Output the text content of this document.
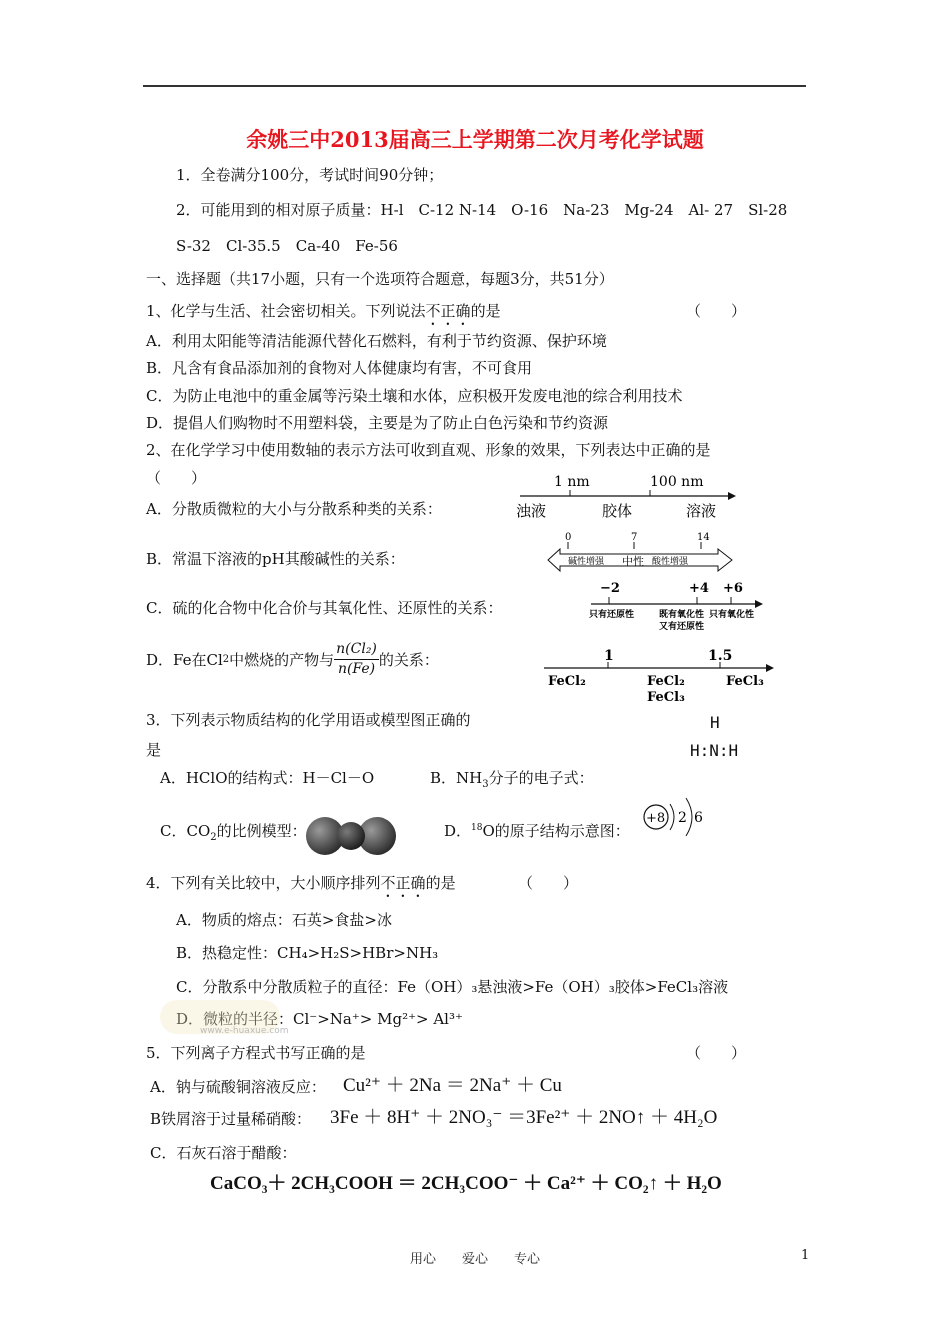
余姚三中2013届高三上学期第二次月考化学试题
1．全卷满分100分，考试时间90分钟；
2．可能用到的相对原子质量：H-l　C-12 N-14　O-16　Na-23　Mg-24　Al- 27　Sl-28
S-32　Cl-35.5　Ca-40　Fe-56
一、选择题（共17小题，只有一个选项符合题意，每题3分，共51分）
1、化学与生活、社会密切相关。下列说法不正确的是	（　　）
A．利用太阳能等清洁能源代替化石燃料，有利于节约资源、保护环境
B．凡含有食品添加剂的食物对人体健康均有害，不可食用
C．为防止电池中的重金属等污染土壤和水体，应积极开发废电池的综合利用技术
D．提倡人们购物时不用塑料袋，主要是为了防止白色污染和节约资源
2、在化学学习中使用数轴的表示方法可收到直观、形象的效果，下列表达中正确的是
（　　）
A．分散质微粒的大小与分散系种类的关系：
1 nm	100 nm
浊液	胶体	溶液
B．常温下溶液的pH其酸碱性的关系：
0	7	14
碱性增强 中性 酸性增强
C．硫的化合物中化合价与其氧化性、还原性的关系：
−2	+4 +6
只有还原性	既有氧化性
又有还原性
只有氧化性
D．Fe在Cl 2 中燃烧的产物与 $\frac{\text{n(Cl₂)}}{n(Fe)}$ 的关系：	1	1.5
FeCl₂	FeCl₂
FeCl₃
FeCl₃
3．下列表示物质结构的化学用语或模型图正确的
是
H
H:N:H
A．HClO的结构式：H－Cl－O	B．$NH_3$分子的电子式：
C．$CO_2$的比例模型：	D．$^{18}$O的原子结构示意图：
+8 2 6
4．下列有关比较中，大小顺序排列不正确的是	（　　）
A．物质的熔点：石英>食盐>冰
B．热稳定性：CH₄>H₂S>HBr>NH₃
C．分散系中分散质粒子的直径：Fe（OH）₃悬浊液>Fe（OH）₃胶体>FeCl₃溶液
D．微粒的半径：Cl⁻>Na⁺> Mg²⁺> Al³⁺
www.e-huaxue.com
5．下列离子方程式书写正确的是	（　　）
A．钠与硫酸铜溶液反应： Cu²⁺ ＋ 2Na ＝ 2Na⁺ ＋ Cu
B铁屑溶于过量稀硝酸： 3Fe ＋ 8H⁺ ＋ 2NO₃⁻ ＝3Fe²⁺ ＋ 2NO↑ ＋ 4H₂O
C．石灰石溶于醋酸：
CaCO₃＋ 2CH₃COOH ＝ 2CH₃COO⁻ ＋ Ca²⁺ ＋ CO₂↑ ＋ H₂O
用心　　爱心　　专心	1
